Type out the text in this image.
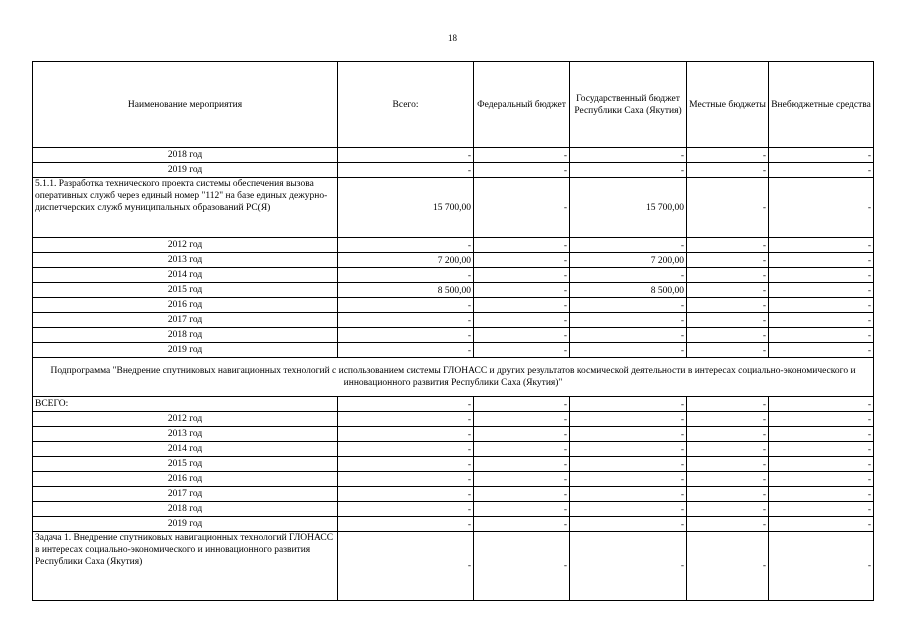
18
Наименование мероприятия	Всего:	Федеральный бюджет	Государственный бюджет Республики Саха (Якутия)	Местные бюджеты	Внебюджетные средства
2018 год	-	-	-	-	-
2019 год	-	-	-	-	-
5.1.1. Разработка технического проекта системы обеспечения вызова оперативных служб через единый номер "112" на базе единых дежурно-диспетчерских служб муниципальных образований РС(Я)	15 700,00	-	15 700,00	-	-
2012 год	-	-	-	-	-
2013 год	7 200,00	-	7 200,00	-	-
2014 год	-	-	-	-	-
2015 год	8 500,00	-	8 500,00	-	-
2016 год	-	-	-	-	-
2017 год	-	-	-	-	-
2018 год	-	-	-	-	-
2019 год	-	-	-	-	-
Подпрограмма "Внедрение спутниковых навигационных технологий с использованием системы ГЛОНАСС и других результатов космической деятельности в интересах социально-экономического и инновационного развития Республики Саха (Якутия)"					
ВСЕГО:	-	-	-	-	-
2012 год	-	-	-	-	-
2013 год	-	-	-	-	-
2014 год	-	-	-	-	-
2015 год	-	-	-	-	-
2016 год	-	-	-	-	-
2017 год	-	-	-	-	-
2018 год	-	-	-	-	-
2019 год	-	-	-	-	-
Задача 1. Внедрение спутниковых навигационных технологий ГЛОНАСС в интересах социально-экономического и инновационного развития Республики Саха (Якутия)	-	-	-	-	-
